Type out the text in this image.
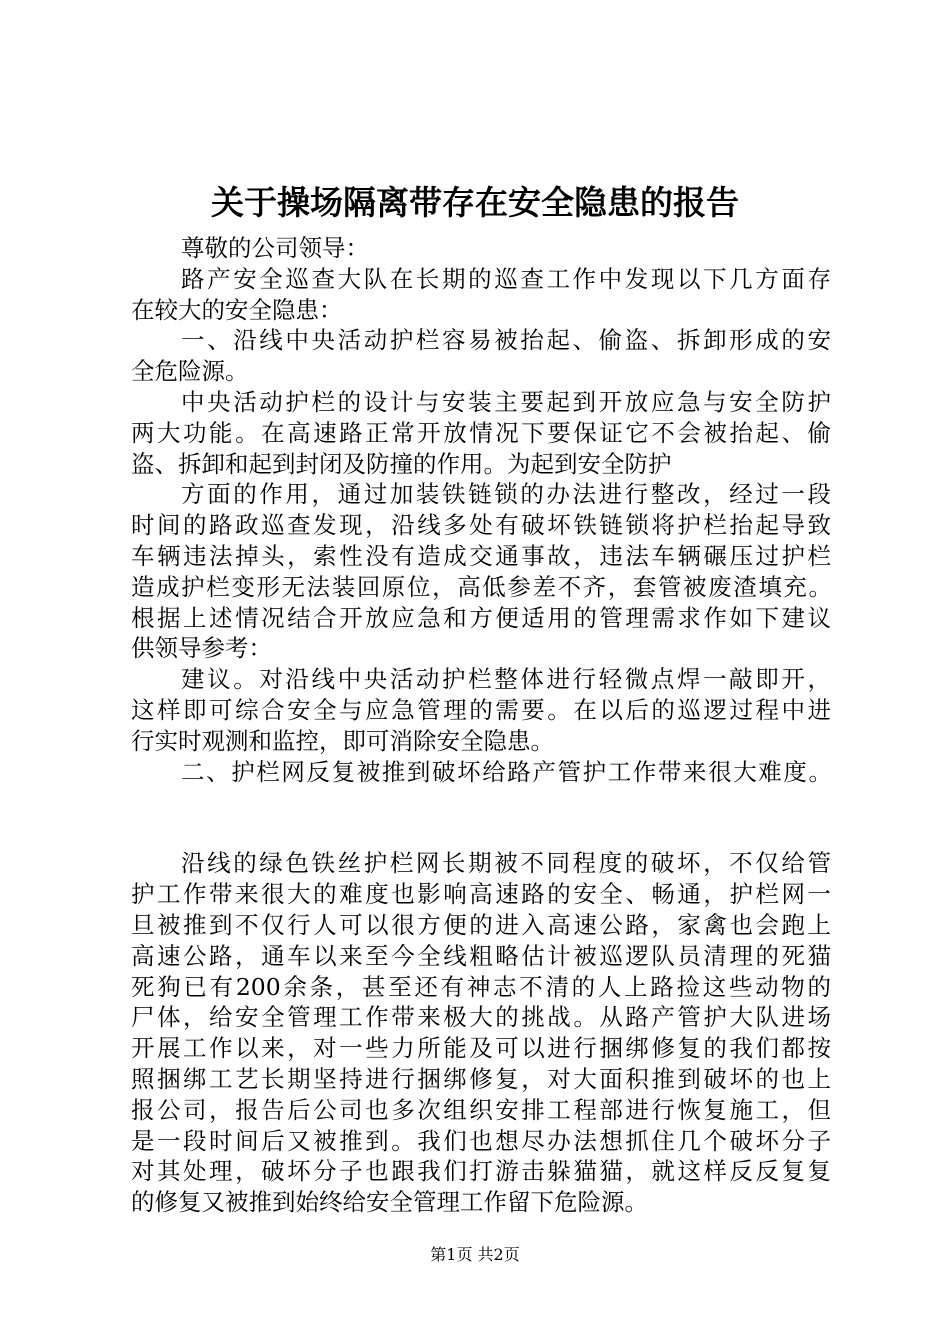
关于操场隔离带存在安全隐患的报告
尊敬的公司领导：
路产安全巡查大队在长期的巡查工作中发现以下几方面存
在较大的安全隐患：
一、沿线中央活动护栏容易被抬起、偷盗、拆卸形成的安
全危险源。
中央活动护栏的设计与安装主要起到开放应急与安全防护
两大功能。在高速路正常开放情况下要保证它不会被抬起、偷
盗、拆卸和起到封闭及防撞的作用。为起到安全防护
方面的作用，通过加装铁链锁的办法进行整改，经过一段
时间的路政巡查发现，沿线多处有破坏铁链锁将护栏抬起导致
车辆违法掉头，索性没有造成交通事故，违法车辆碾压过护栏
造成护栏变形无法装回原位，高低参差不齐，套管被废渣填充。
根据上述情况结合开放应急和方便适用的管理需求作如下建议
供领导参考：
建议。对沿线中央活动护栏整体进行轻微点焊一敲即开，
这样即可综合安全与应急管理的需要。在以后的巡逻过程中进
行实时观测和监控，即可消除安全隐患。
二、护栏网反复被推到破坏给路产管护工作带来很大难度。
沿线的绿色铁丝护栏网长期被不同程度的破坏，不仅给管
护工作带来很大的难度也影响高速路的安全、畅通，护栏网一
旦被推到不仅行人可以很方便的进入高速公路，家禽也会跑上
高速公路，通车以来至今全线粗略估计被巡逻队员清理的死猫
死狗已有200余条，甚至还有神志不清的人上路捡这些动物的
尸体，给安全管理工作带来极大的挑战。从路产管护大队进场
开展工作以来，对一些力所能及可以进行捆绑修复的我们都按
照捆绑工艺长期坚持进行捆绑修复，对大面积推到破坏的也上
报公司，报告后公司也多次组织安排工程部进行恢复施工，但
是一段时间后又被推到。我们也想尽办法想抓住几个破坏分子
对其处理，破坏分子也跟我们打游击躲猫猫，就这样反反复复
的修复又被推到始终给安全管理工作留下危险源。
第1页 共2页
